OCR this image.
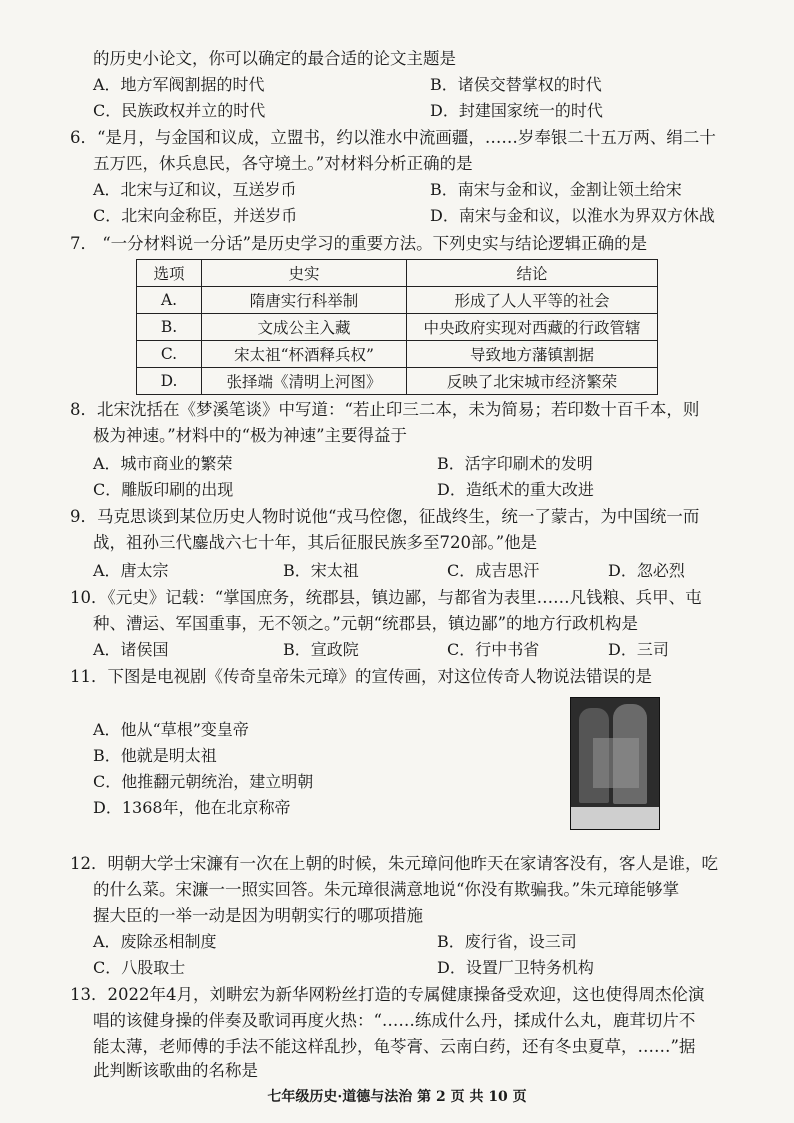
的历史小论文，你可以确定的最合适的论文主题是
A．地方军阀割据的时代	B．诸侯交替掌权的时代
C．民族政权并立的时代	D．封建国家统一的时代
6．“是月，与金国和议成，立盟书，约以淮水中流画疆，……岁奉银二十五万两、绢二十
五万匹，休兵息民，各守境土。”对材料分析正确的是
A．北宋与辽和议，互送岁币	B．南宋与金和议，金割让领土给宋
C．北宋向金称臣，并送岁币	D．南宋与金和议，以淮水为界双方休战
7． “一分材料说一分话”是历史学习的重要方法。下列史实与结论逻辑正确的是
选项	史实	结论
A.	隋唐实行科举制	形成了人人平等的社会
B.	文成公主入藏	中央政府实现对西藏的行政管辖
C.	宋太祖“杯酒释兵权”	导致地方藩镇割据
D.	张择端《清明上河图》	反映了北宋城市经济繁荣
8．北宋沈括在《梦溪笔谈》中写道：“若止印三二本，未为简易；若印数十百千本，则
极为神速。”材料中的“极为神速”主要得益于
A．城市商业的繁荣	B．活字印刷术的发明
C．雕版印刷的出现	D．造纸术的重大改进
9．马克思谈到某位历史人物时说他“戎马倥偬，征战终生，统一了蒙古，为中国统一而
战，祖孙三代鏖战六七十年，其后征服民族多至720部。”他是
A．唐太宗	B．宋太祖	C．成吉思汗	D．忽必烈
10．《元史》记载：“掌国庶务，统郡县，镇边鄙，与都省为表里……凡钱粮、兵甲、屯
种、漕运、军国重事，无不领之。”元朝“统郡县，镇边鄙”的地方行政机构是
A．诸侯国	B．宣政院	C．行中书省	D．三司
11．下图是电视剧《传奇皇帝朱元璋》的宣传画，对这位传奇人物说法错误的是
A．他从“草根”变皇帝
B．他就是明太祖
C．他推翻元朝统治，建立明朝
D．1368年，他在北京称帝
12．明朝大学士宋濂有一次在上朝的时候，朱元璋问他昨天在家请客没有，客人是谁，吃
的什么菜。宋濂一一照实回答。朱元璋很满意地说“你没有欺骗我。”朱元璋能够掌
握大臣的一举一动是因为明朝实行的哪项措施
A．废除丞相制度	B．废行省，设三司
C．八股取士	D．设置厂卫特务机构
13．2022年4月，刘畊宏为新华网粉丝打造的专属健康操备受欢迎，这也使得周杰伦演
唱的该健身操的伴奏及歌词再度火热：“……练成什么丹，揉成什么丸，鹿茸切片不
能太薄，老师傅的手法不能这样乱抄，龟苓膏、云南白药，还有冬虫夏草，……”据
此判断该歌曲的名称是
七年级历史·道德与法治 第 2 页 共 10 页
